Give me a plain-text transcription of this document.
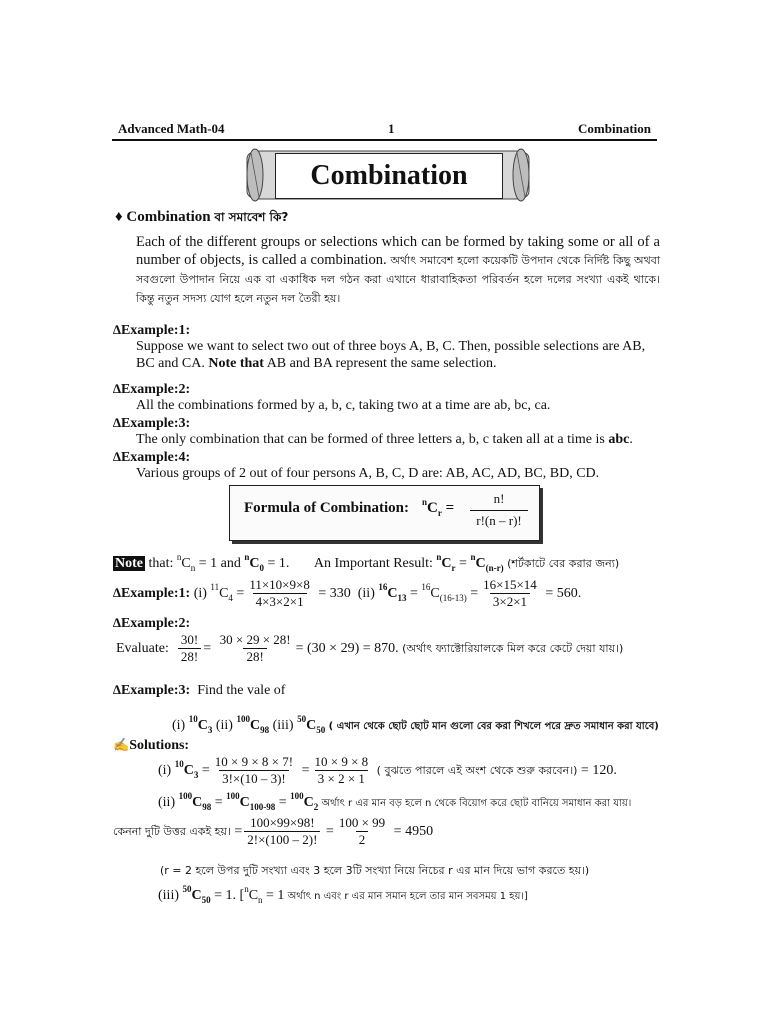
Advanced Math-04	1	Combination
Combination
♦ Combination বা সমাবেশ কি?

Each of the different groups or selections which can be formed by taking some or all of a number of objects, is called a combination. অর্থাৎ সমাবেশ হলো কয়েকটি উপদান থেকে নির্দিষ্ট কিছু অথবা সবগুলো উপাদান নিয়ে এক বা একাধিক দল গঠন করা এখানে ধারাবাহিকতা পরিবর্তন হলে দলের সংখ্যা একই থাকে। কিন্তু নতুন সদস্য যোগ হলে নতুন দল তৈরী হয়।

∆Example:1:
Suppose we want to select two out of three boys A, B, C. Then, possible selections are AB,
BC and CA. Note that AB and BA represent the same selection.
∆Example:2:
All the combinations formed by a, b, c, taking two at a time are ab, bc, ca.
∆Example:3:
The only combination that can be formed of three letters a, b, c taken all at a time is abc.
∆Example:4:
Various groups of 2 out of four persons A, B, C, D are: AB, AC, AD, BC, BD, CD.
Formula of Combination: $^nC_r$ =
n!
r!(n – r)!
Note that: $^nC_n = 1$ and $^nC_0 = 1$. An Important Result: $^nC_r = ^nC_{(n-r)}$ (শর্টকাটে বের করার জন্য)
∆Example:1: (i) $^{11}C_4 = \frac{11\times 10\times 9\times 8}{4\times 3\times 2\times 1} = 330$ (ii) $^{16}C_{13} = ^{16}C_{(16-13)} = \frac{16\times 15\times 14}{3\times 2\times 1} = 560$.
∆Example:2:
Evaluate: $\frac{30!}{28!} = \frac{30 \times 29 \times 28!}{28!} = (30 \times 29) = 870$. (অর্থাৎ ফ্যাক্টোরিয়ালকে মিল করে কেটে দেয়া যায়।)
∆Example:3: Find the vale of
(i) $^{10}C_3$ (ii) $^{100}C_{98}$ (iii) $^{50}C_{50}$ ( এখান থেকে ছোট ছোট মান গুলো বের করা শিখলে পরে দ্রুত সমাধান করা যাবে)
✍Solutions:
(i) $^{10}C_3 = \frac{10 \times 9 \times 8 \times 7!}{3!\times(10 - 3)!} = \frac{10 \times 9 \times 8}{3 \times 2 \times 1}$ ( বুঝতে পারলে এই অংশ থেকে শুরু করবেন।) = 120.
(ii) $^{100}C_{98} = ^{100}C_{100-98} = ^{100}C_2$ অর্থাৎ r এর মান বড় হলে n থেকে বিয়োগ করে ছোট বানিয়ে সমাধান করা যায়।
কেননা দুটি উত্তর একই হয়। = $\frac{100\times 99\times 98!}{2!\times(100 - 2)!} = \frac{100 \times 99}{2} = 4950$
(r = 2 হলে উপর দুটি সংখ্যা এবং 3 হলে 3টি সংখ্যা নিয়ে নিচের r এর মান দিয়ে ভাগ করতে হয়।)
(iii) $^{50}C_{50} = 1$. [$^nC_n = 1$ অর্থাৎ n এবং r এর মান সমান হলে তার মান সবসময় 1 হয়।]
